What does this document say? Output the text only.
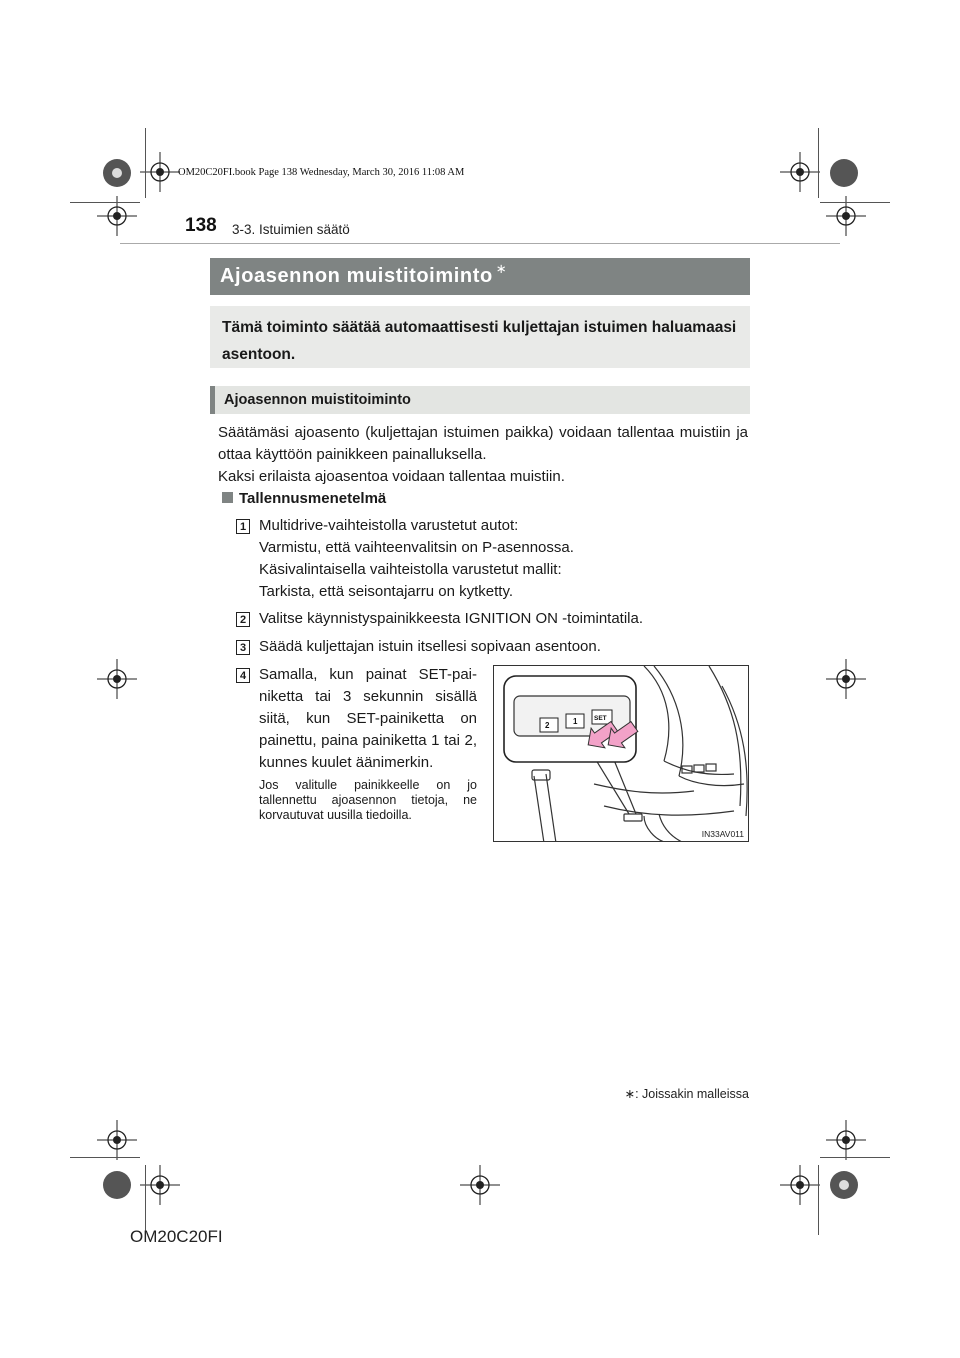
OM20C20FI.book Page 138 Wednesday, March 30, 2016 11:08 AM
138 3-3. Istuimien säätö
Ajoasennon muistitoiminto ∗
Tämä toiminto säätää automaattisesti kuljettajan istuimen haluamaasi asentoon.
Ajoasennon muistitoiminto
Säätämäsi ajoasento (kuljettajan istuimen paikka) voidaan tallentaa muistiin ja ottaa käyttöön painikkeen painalluksella.
Kaksi erilaista ajoasentoa voidaan tallentaa muistiin.
Tallennusmenetelmä
1 Multidrive-vaihteistolla varustetut autot:
Varmistu, että vaihteenvalitsin on P-asennossa.
Käsivalintaisella vaihteistolla varustetut mallit:
Tarkista, että seisontajarru on kytketty.
2 Valitse käynnistyspainikkeesta IGNITION ON -toimintatila.
3 Säädä kuljettajan istuin itsellesi sopivaan asentoon.
4 Samalla, kun painat SET-painiketta tai 3 sekunnin sisällä siitä, kun SET-painiketta on painettu, paina painiketta 1 tai 2, kunnes kuulet äänimerkin.
Jos valitulle painikkeelle on jo tallennettu ajoasennon tietoja, ne korvautuvat uusilla tiedoilla.
2	1	SET
IN33AV011
∗: Joissakin malleissa
OM20C20FI
